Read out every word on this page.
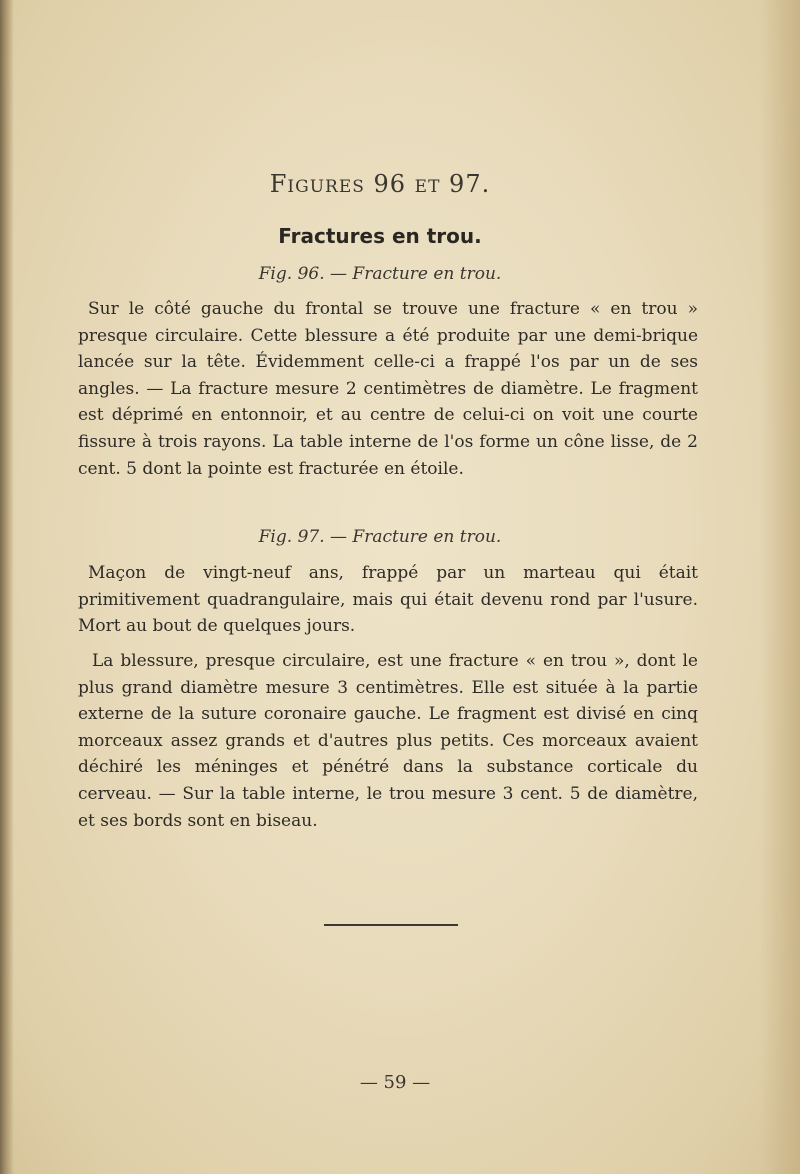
Figures 96 et 97.
Fractures en trou.
Fig. 96. — Fracture en trou.

Sur le côté gauche du frontal se trouve une fracture « en trou » presque circulaire. Cette blessure a été produite par une demi-brique lancée sur la tête. Évidemment celle-ci a frappé l'os par un de ses angles. — La fracture mesure 2 centimètres de diamètre. Le fragment est déprimé en entonnoir, et au centre de celui-ci on voit une courte fissure à trois rayons. La table interne de l'os forme un cône lisse, de 2 cent. 5 dont la pointe est fracturée en étoile.

Fig. 97. — Fracture en trou.

Maçon de vingt-neuf ans, frappé par un marteau qui était primitivement quadrangulaire, mais qui était devenu rond par l'usure. Mort au bout de quelques jours.

La blessure, presque circulaire, est une fracture « en trou », dont le plus grand diamètre mesure 3 centimètres. Elle est située à la partie externe de la suture coronaire gauche. Le fragment est divisé en cinq morceaux assez grands et d'autres plus petits. Ces morceaux avaient déchiré les méninges et pénétré dans la substance corticale du cerveau. — Sur la table interne, le trou mesure 3 cent. 5 de diamètre, et ses bords sont en biseau.

— 59 —
